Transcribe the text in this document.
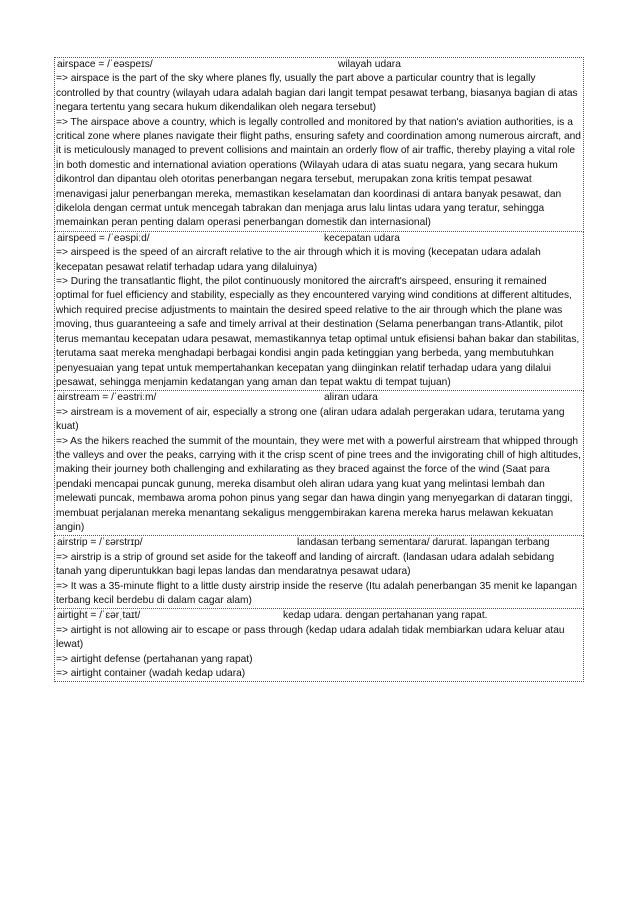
airspace = /ˈeəspeɪs/	wilayah udara
=> airspace is the part of the sky where planes fly, usually the part above a particular country that is legally controlled by that country (wilayah udara adalah bagian dari langit tempat pesawat terbang, biasanya bagian di atas negara tertentu yang secara hukum dikendalikan oleh negara tersebut)
=> The airspace above a country, which is legally controlled and monitored by that nation's aviation authorities, is a critical zone where planes navigate their flight paths, ensuring safety and coordination among numerous aircraft, and it is meticulously managed to prevent collisions and maintain an orderly flow of air traffic, thereby playing a vital role in both domestic and international aviation operations (Wilayah udara di atas suatu negara, yang secara hukum dikontrol dan dipantau oleh otoritas penerbangan negara tersebut, merupakan zona kritis tempat pesawat menavigasi jalur penerbangan mereka, memastikan keselamatan dan koordinasi di antara banyak pesawat, dan dikelola dengan cermat untuk mencegah tabrakan dan menjaga arus lalu lintas udara yang teratur, sehingga memainkan peran penting dalam operasi penerbangan domestik dan internasional)
airspeed = /ˈeəspiːd/	kecepatan udara
=> airspeed is the speed of an aircraft relative to the air through which it is moving (kecepatan udara adalah kecepatan pesawat relatif terhadap udara yang dilaluinya)
=> During the transatlantic flight, the pilot continuously monitored the aircraft's airspeed, ensuring it remained optimal for fuel efficiency and stability, especially as they encountered varying wind conditions at different altitudes, which required precise adjustments to maintain the desired speed relative to the air through which the plane was moving, thus guaranteeing a safe and timely arrival at their destination (Selama penerbangan trans-Atlantik, pilot terus memantau kecepatan udara pesawat, memastikannya tetap optimal untuk efisiensi bahan bakar dan stabilitas, terutama saat mereka menghadapi berbagai kondisi angin pada ketinggian yang berbeda, yang membutuhkan penyesuaian yang tepat untuk mempertahankan kecepatan yang diinginkan relatif terhadap udara yang dilalui pesawat, sehingga menjamin kedatangan yang aman dan tepat waktu di tempat tujuan)
airstream = /ˈeəstriːm/	aliran udara
=> airstream is a movement of air, especially a strong one (aliran udara adalah pergerakan udara, terutama yang kuat)
=> As the hikers reached the summit of the mountain, they were met with a powerful airstream that whipped through the valleys and over the peaks, carrying with it the crisp scent of pine trees and the invigorating chill of high altitudes, making their journey both challenging and exhilarating as they braced against the force of the wind (Saat para pendaki mencapai puncak gunung, mereka disambut oleh aliran udara yang kuat yang melintasi lembah dan melewati puncak, membawa aroma pohon pinus yang segar dan hawa dingin yang menyegarkan di dataran tinggi, membuat perjalanan mereka menantang sekaligus menggembirakan karena mereka harus melawan kekuatan angin)
airstrip = /ˈɛərstrɪp/	landasan terbang sementara/ darurat. lapangan terbang
=> airstrip is a strip of ground set aside for the takeoff and landing of aircraft. (landasan udara adalah sebidang tanah yang diperuntukkan bagi lepas landas dan mendaratnya pesawat udara)
=> It was a 35-minute flight to a little dusty airstrip inside the reserve (Itu adalah penerbangan 35 menit ke lapangan terbang kecil berdebu di dalam cagar alam)
airtight = /ˈɛərˌtaɪt/	kedap udara. dengan pertahanan yang rapat.
=> airtight is not allowing air to escape or pass through (kedap udara adalah tidak membiarkan udara keluar atau lewat)
=> airtight defense (pertahanan yang rapat)
=> airtight container (wadah kedap udara)
